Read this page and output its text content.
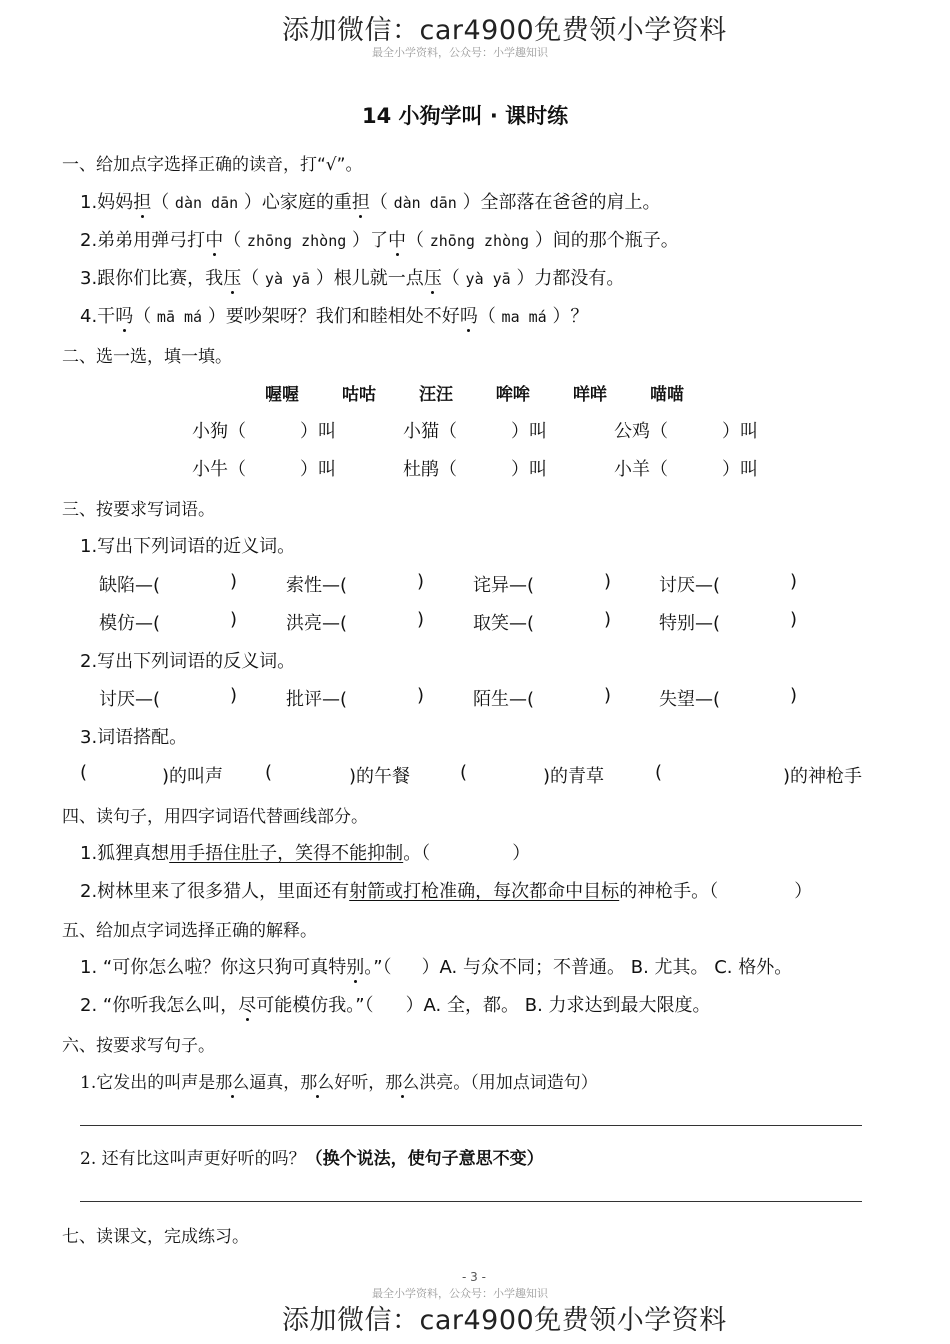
添加微信：car4900免费领小学资料
最全小学资料，公众号：小学趣知识
14 小狗学叫 · 课时练
一、给加点字选择正确的读音，打“√”。
1.妈妈担（ dàn dān ）心家庭的重担（ dàn dān ）全部落在爸爸的肩上。
2.弟弟用弹弓打中（ zhōng zhòng ）了中（ zhōng zhòng ）间的那个瓶子。
3.跟你们比赛，我压（ yà yā ）根儿就一点压（ yà yā ）力都没有。
4.干吗（ mā má ）要吵架呀？我们和睦相处不好吗（ ma má ）？
二、选一选，填一填。
喔喔	咕咕	汪汪	哞哞	咩咩	喵喵
小狗（　　　）叫	小猫（　　　）叫	公鸡（　　　）叫
小牛（　　　）叫	杜鹃（　　　）叫	小羊（　　　）叫
三、按要求写词语。
1.写出下列词语的近义词。
缺陷—(	)	索性—(	)	诧异—(	)	讨厌—(	)
模仿—(	)	洪亮—(	)	取笑—(	)	特别—(	)
2.写出下列词语的反义词。
讨厌—(	)	批评—(	)	陌生—(	)	失望—(	)
3.词语搭配。
(	)的叫声 (	)的午餐	(	)的青草	(	)的神枪手
四、读句子，用四字词语代替画线部分。
1.狐狸真想用手捂住肚子，笑得不能抑制。（	）
2.树林里来了很多猎人，里面还有射箭或打枪准确，每次都命中目标的神枪手。（	）
五、给加点字词选择正确的解释。
1. “可你怎么啦？你这只狗可真特别。”（ ）A. 与众不同；不普通。 B. 尤其。 C. 格外。
2. “你听我怎么叫，尽可能模仿我。”（ ）A. 全，都。 B. 力求达到最大限度。
六、按要求写句子。
1.它发出的叫声是那么逼真，那么好听，那么洪亮。（用加点词造句）
2. 还有比这叫声更好听的吗？（换个说法，使句子意思不变）
七、读课文，完成练习。
- 3 -
最全小学资料，公众号：小学趣知识
添加微信：car4900免费领小学资料
